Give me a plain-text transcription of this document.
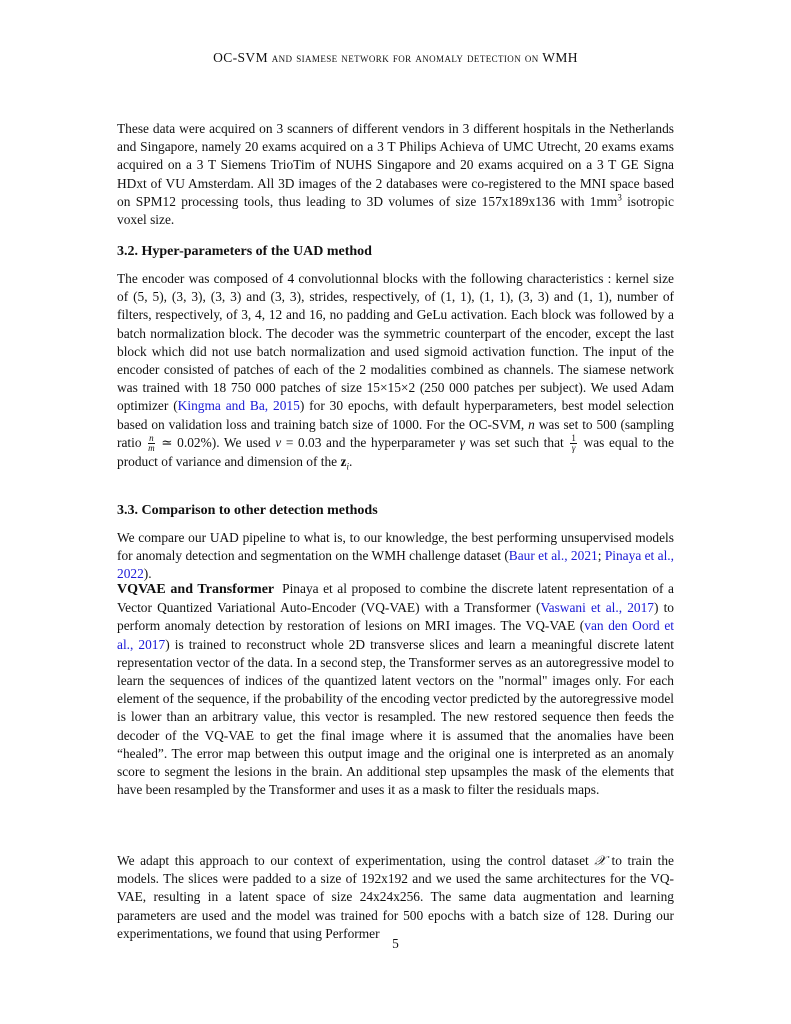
OC-SVM and siamese network for anomaly detection on WMH

These data were acquired on 3 scanners of different vendors in 3 different hospitals in the Netherlands and Singapore, namely 20 exams acquired on a 3 T Philips Achieva of UMC Utrecht, 20 exams exams acquired on a 3 T Siemens TrioTim of NUHS Singapore and 20 exams acquired on a 3 T GE Signa HDxt of VU Amsterdam. All 3D images of the 2 databases were co-registered to the MNI space based on SPM12 processing tools, thus leading to 3D volumes of size 157x189x136 with $1mm^3$ isotropic voxel size.

3.2. Hyper-parameters of the UAD method

The encoder was composed of 4 convolutionnal blocks with the following characteristics : kernel size of (5, 5), (3, 3), (3, 3) and (3, 3), strides, respectively, of (1, 1), (1, 1), (3, 3) and (1, 1), number of filters, respectively, of 3, 4, 12 and 16, no padding and GeLu activation. Each block was followed by a batch normalization block. The decoder was the symmetric counterpart of the encoder, except the last block which did not use batch normalization and used sigmoid activation function. The input of the encoder consisted of patches of each of the 2 modalities combined as channels. The siamese network was trained with 18 750 000 patches of size 15×15×2 (250 000 patches per subject). We used Adam optimizer (Kingma and Ba, 2015) for 30 epochs, with default hyperparameters, best model selection based on validation loss and training batch size of 1000. For the OC-SVM, n was set to 500 (sampling ratio $\frac{n}{m}$ ≃ 0.02%). We used ν = 0.03 and the hyperparameter γ was set such that $\frac{1}{\gamma}$ was equal to the product of variance and dimension of the $z_i$.

3.3. Comparison to other detection methods

We compare our UAD pipeline to what is, to our knowledge, the best performing unsupervised models for anomaly detection and segmentation on the WMH challenge dataset (Baur et al., 2021; Pinaya et al., 2022).

VQVAE and Transformer Pinaya et al proposed to combine the discrete latent representation of a Vector Quantized Variational Auto-Encoder (VQ-VAE) with a Transformer (Vaswani et al., 2017) to perform anomaly detection by restoration of lesions on MRI images. The VQ-VAE (van den Oord et al., 2017) is trained to reconstruct whole 2D transverse slices and learn a meaningful discrete latent representation vector of the data. In a second step, the Transformer serves as an autoregressive model to learn the sequences of indices of the quantized latent vectors on the "normal" images only. For each element of the sequence, if the probability of the encoding vector predicted by the autoregressive model is lower than an arbitrary value, this vector is resampled. The new restored sequence then feeds the decoder of the VQ-VAE to get the final image where it is assumed that the anomalies have been “healed”. The error map between this output image and the original one is interpreted as an anomaly score to segment the lesions in the brain. An additional step upsamples the mask of the elements that have been resampled by the Transformer and uses it as a mask to filter the residuals maps.

We adapt this approach to our context of experimentation, using the control dataset 𝒳 to train the models. The slices were padded to a size of 192x192 and we used the same architectures for the VQ-VAE, resulting in a latent space of size 24x24x256. The same data augmentation and learning parameters are used and the model was trained for 500 epochs with a batch size of 128. During our experimentations, we found that using Performer

5
